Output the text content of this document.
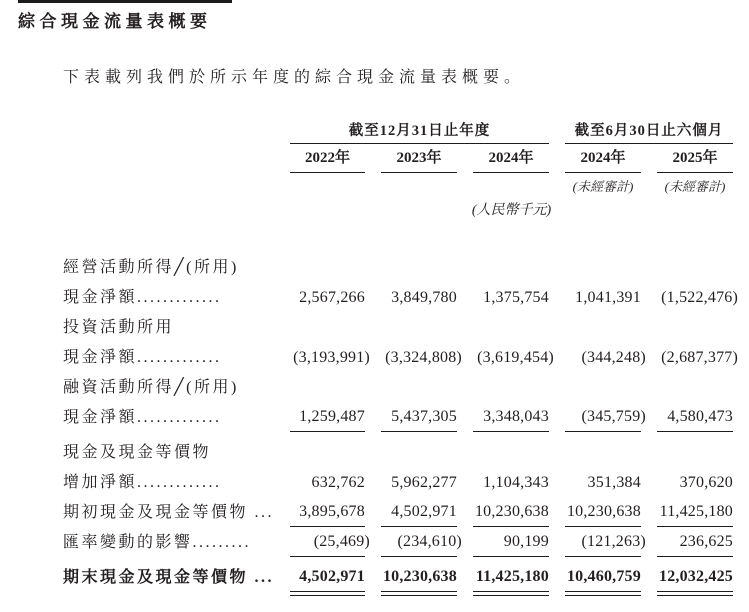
綜合現金流量表概要
下表載列我們於所示年度的綜合現金流量表概要。
	截至12月31日止年度			截至6月30日止六個月	
	2022年	2023年	2024年	2024年	2025年
				(未經審計)	(未經審計)
	(人民幣千元)				

經營活動所得╱(所用)					
現金淨額.............	2,567,266	3,849,780	1,375,754	1,041,391	(1,522,476)
投資活動所用					
現金淨額.............	(3,193,991)	(3,324,808)	(3,619,454)	(344,248)	(2,687,377)
融資活動所得╱(所用)					
現金淨額.............	1,259,487	5,437,305	3,348,043	(345,759)	4,580,473
現金及現金等價物					
增加淨額.............	632,762	5,962,277	1,104,343	351,384	370,620
期初現金及現金等價物 ...	3,895,678	4,502,971	10,230,638	10,230,638	11,425,180
匯率變動的影響.........	(25,469)	(234,610)	90,199	(121,263)	236,625
期末現金及現金等價物 ...	4,502,971	10,230,638	11,425,180	10,460,759	12,032,425
